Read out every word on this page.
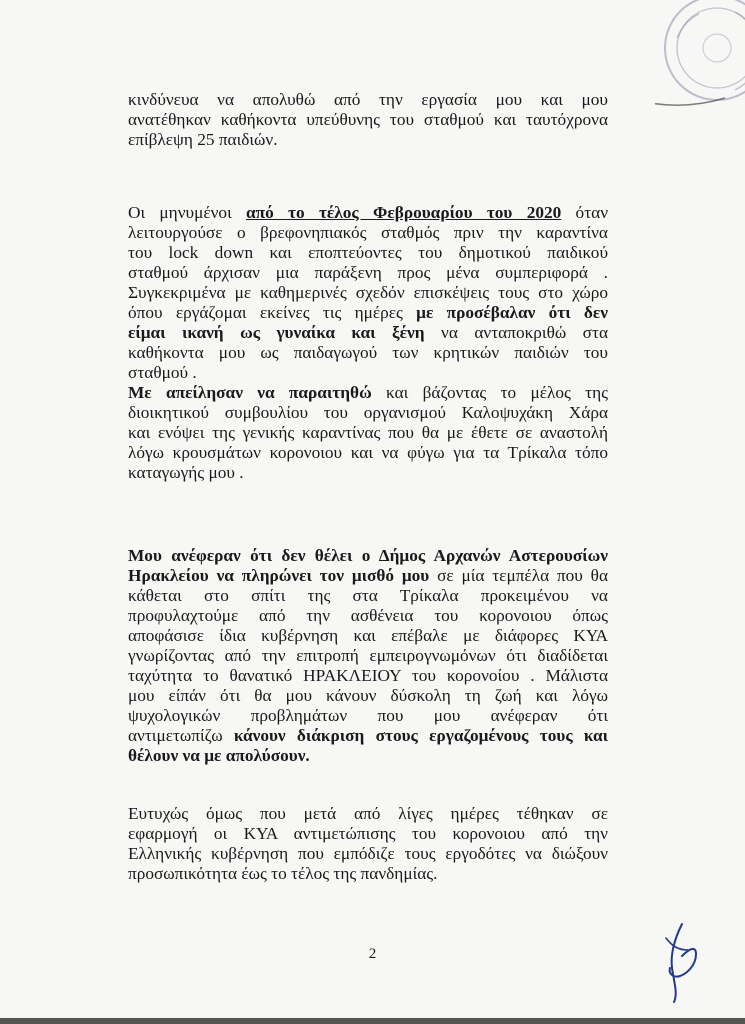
κινδύνευα να απολυθώ από την εργασία μου και μου
ανατέθηκαν καθήκοντα υπεύθυνης του σταθμού και ταυτόχρονα
επίβλεψη 25 παιδιών.
Οι μηνυμένοι από το τέλος Φεβρουαρίου του 2020 όταν
λειτουργούσε ο βρεφονηπιακός σταθμός πριν την καραντίνα
του lock down και εποπτεύοντες του δημοτικού παιδικού
σταθμού άρχισαν μια παράξενη προς μένα συμπεριφορά .
Συγκεκριμένα με καθημερινές σχεδόν επισκέψεις τους στο χώρο
όπου εργάζομαι εκείνες τις ημέρες με προσέβαλαν ότι δεν
είμαι ικανή ως γυναίκα και ξένη να ανταποκριθώ στα
καθήκοντα μου ως παιδαγωγού των κρητικών παιδιών του
σταθμού .
Με απείλησαν να παραιτηθώ και βάζοντας το μέλος της
διοικητικού συμβουλίου του οργανισμού Καλοψυχάκη Χάρα
και ενόψει της γενικής καραντίνας που θα με έθετε σε αναστολή
λόγω κρουσμάτων κορονοιου και να φύγω για τα Τρίκαλα τόπο
καταγωγής μου .
Μου ανέφεραν ότι δεν θέλει ο Δήμος Αρχανών Αστερουσίων
Ηρακλείου να πληρώνει τον μισθό μου σε μία τεμπέλα που θα
κάθεται στο σπίτι της στα Τρίκαλα προκειμένου να
προφυλαχτούμε από την ασθένεια του κορονοιου όπως
αποφάσισε ίδια κυβέρνηση και επέβαλε με διάφορες ΚΥΑ
γνωρίζοντας από την επιτροπή εμπειρογνωμόνων ότι διαδίδεται
ταχύτητα το θανατικό ΗΡΑΚΛΕΙΟΥ του κορονοίου . Μάλιστα
μου είπάν ότι θα μου κάνουν δύσκολη τη ζωή και λόγω
ψυχολογικών προβλημάτων που μου ανέφεραν ότι
αντιμετωπίζω κάνουν διάκριση στους εργαζομένους τους και
θέλουν να με απολύσουν.
Ευτυχώς όμως που μετά από λίγες ημέρες τέθηκαν σε
εφαρμογή οι ΚΥΑ αντιμετώπισης του κορονοιου από την
Ελληνικής κυβέρνηση που εμπόδιζε τους εργοδότες να διώξουν
προσωπικότητα έως το τέλος της πανδημίας.
2
